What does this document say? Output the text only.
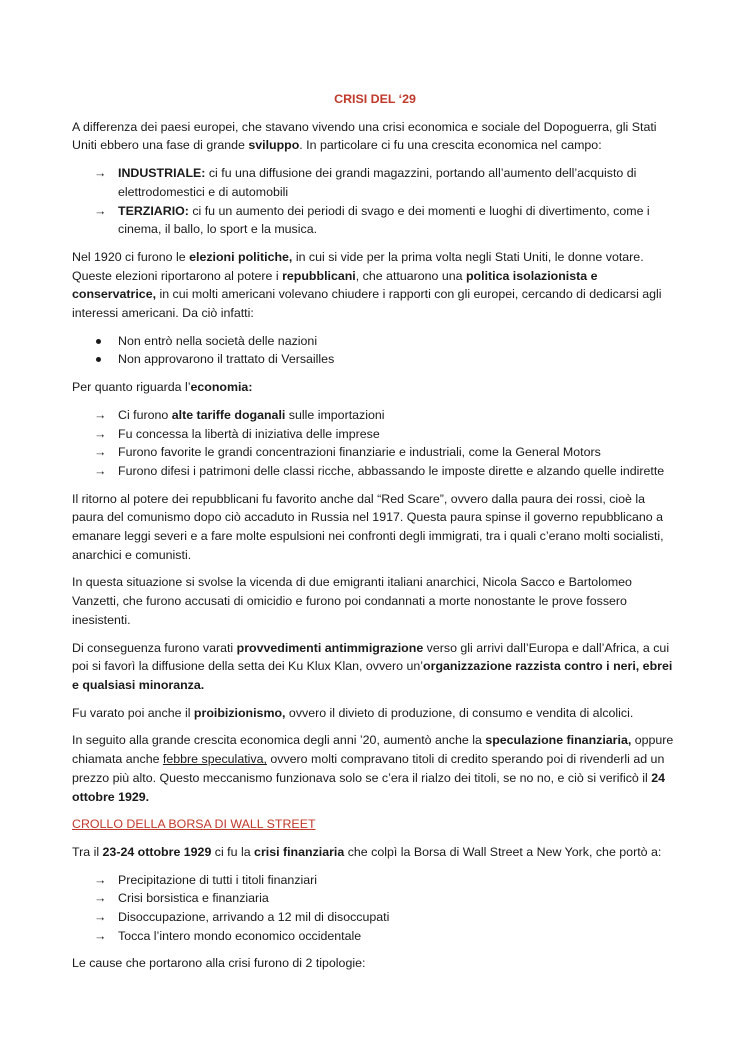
CRISI DEL ‘29

A differenza dei paesi europei, che stavano vivendo una crisi economica e sociale del Dopoguerra, gli Stati Uniti ebbero una fase di grande sviluppo. In particolare ci fu una crescita economica nel campo:

→ INDUSTRIALE: ci fu una diffusione dei grandi magazzini, portando all’aumento dell’acquisto di elettrodomestici e di automobili
→ TERZIARIO: ci fu un aumento dei periodi di svago e dei momenti e luoghi di divertimento, come i cinema, il ballo, lo sport e la musica.

Nel 1920 ci furono le elezioni politiche, in cui si vide per la prima volta negli Stati Uniti, le donne votare. Queste elezioni riportarono al potere i repubblicani, che attuarono una politica isolazionista e conservatrice, in cui molti americani volevano chiudere i rapporti con gli europei, cercando di dedicarsi agli interessi americani. Da ciò infatti:

Non entrò nella società delle nazioni
Non approvarono il trattato di Versailles

Per quanto riguarda l’economia:

→ Ci furono alte tariffe doganali sulle importazioni
→ Fu concessa la libertà di iniziativa delle imprese
→ Furono favorite le grandi concentrazioni finanziarie e industriali, come la General Motors
→ Furono difesi i patrimoni delle classi ricche, abbassando le imposte dirette e alzando quelle indirette

Il ritorno al potere dei repubblicani fu favorito anche dal “Red Scare”, ovvero dalla paura dei rossi, cioè la paura del comunismo dopo ciò accaduto in Russia nel 1917. Questa paura spinse il governo repubblicano a emanare leggi severi e a fare molte espulsioni nei confronti degli immigrati, tra i quali c’erano molti socialisti, anarchici e comunisti.

In questa situazione si svolse la vicenda di due emigranti italiani anarchici, Nicola Sacco e Bartolomeo Vanzetti, che furono accusati di omicidio e furono poi condannati a morte nonostante le prove fossero inesistenti.

Di conseguenza furono varati provvedimenti antimmigrazione verso gli arrivi dall’Europa e dall’Africa, a cui poi si favorì la diffusione della setta dei Ku Klux Klan, ovvero un’organizzazione razzista contro i neri, ebrei e qualsiasi minoranza.

Fu varato poi anche il proibizionismo, ovvero il divieto di produzione, di consumo e vendita di alcolici.

In seguito alla grande crescita economica degli anni ’20, aumentò anche la speculazione finanziaria, oppure chiamata anche febbre speculativa, ovvero molti compravano titoli di credito sperando poi di rivenderli ad un prezzo più alto. Questo meccanismo funzionava solo se c’era il rialzo dei titoli, se no no, e ciò si verificò il 24 ottobre 1929.

CROLLO DELLA BORSA DI WALL STREET

Tra il 23-24 ottobre 1929 ci fu la crisi finanziaria che colpì la Borsa di Wall Street a New York, che portò a:

→ Precipitazione di tutti i titoli finanziari
→ Crisi borsistica e finanziaria
→ Disoccupazione, arrivando a 12 mil di disoccupati
→ Tocca l’intero mondo economico occidentale

Le cause che portarono alla crisi furono di 2 tipologie:
